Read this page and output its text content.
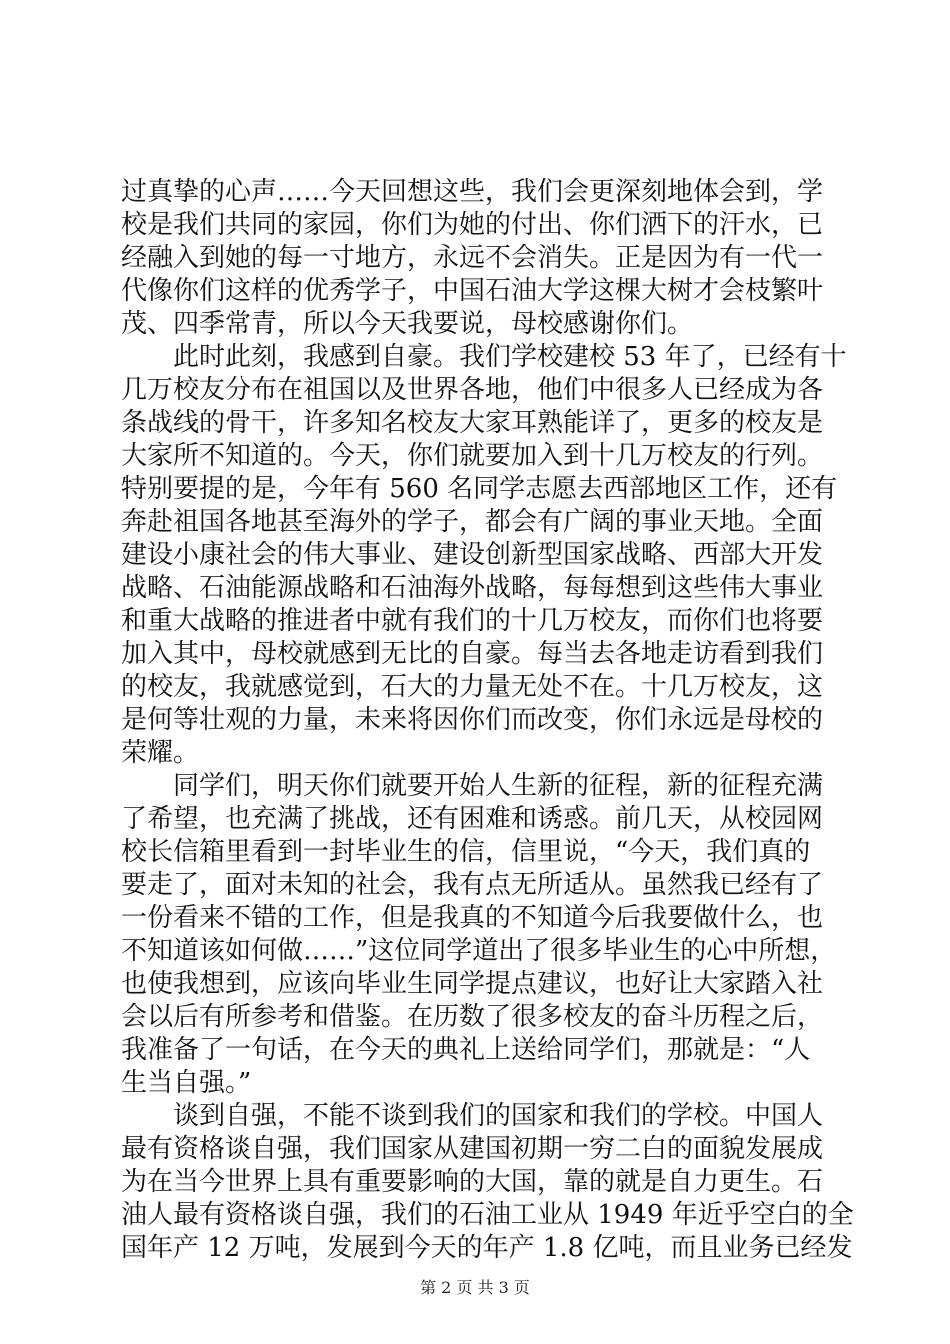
过真挚的心声……今天回想这些，我们会更深刻地体会到，学
校是我们共同的家园，你们为她的付出、你们洒下的汗水，已
经融入到她的每一寸地方，永远不会消失。正是因为有一代一
代像你们这样的优秀学子，中国石油大学这棵大树才会枝繁叶
茂、四季常青，所以今天我要说，母校感谢你们。
此时此刻，我感到自豪。我们学校建校 53 年了，已经有十
几万校友分布在祖国以及世界各地，他们中很多人已经成为各
条战线的骨干，许多知名校友大家耳熟能详了，更多的校友是
大家所不知道的。今天，你们就要加入到十几万校友的行列。
特别要提的是，今年有 560 名同学志愿去西部地区工作，还有
奔赴祖国各地甚至海外的学子，都会有广阔的事业天地。全面
建设小康社会的伟大事业、建设创新型国家战略、西部大开发
战略、石油能源战略和石油海外战略，每每想到这些伟大事业
和重大战略的推进者中就有我们的十几万校友，而你们也将要
加入其中，母校就感到无比的自豪。每当去各地走访看到我们
的校友，我就感觉到，石大的力量无处不在。十几万校友，这
是何等壮观的力量，未来将因你们而改变，你们永远是母校的
荣耀。
同学们，明天你们就要开始人生新的征程，新的征程充满
了希望，也充满了挑战，还有困难和诱惑。前几天，从校园网
校长信箱里看到一封毕业生的信，信里说，“今天，我们真的
要走了，面对未知的社会，我有点无所适从。虽然我已经有了
一份看来不错的工作，但是我真的不知道今后我要做什么，也
不知道该如何做……”这位同学道出了很多毕业生的心中所想，
也使我想到，应该向毕业生同学提点建议，也好让大家踏入社
会以后有所参考和借鉴。在历数了很多校友的奋斗历程之后，
我准备了一句话，在今天的典礼上送给同学们，那就是：“人
生当自强。”
谈到自强，不能不谈到我们的国家和我们的学校。中国人
最有资格谈自强，我们国家从建国初期一穷二白的面貌发展成
为在当今世界上具有重要影响的大国，靠的就是自力更生。石
油人最有资格谈自强，我们的石油工业从 1949 年近乎空白的全
国年产 12 万吨，发展到今天的年产 1.8 亿吨，而且业务已经发
第 2 页 共 3 页
